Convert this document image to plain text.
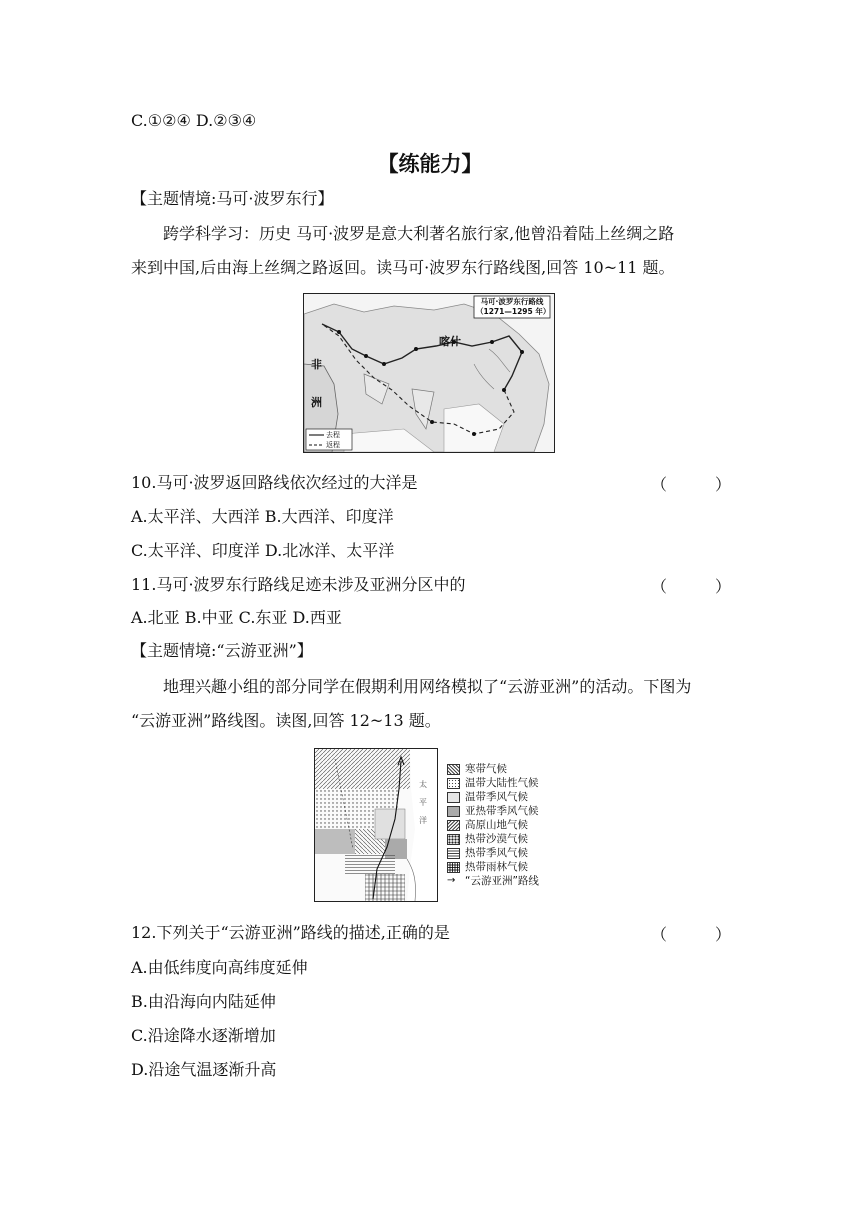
C.①②④ D.②③④
【练能力】
【主题情境:马可·波罗东行】
跨学科学习：历史 马可·波罗是意大利著名旅行家,他曾沿着陆上丝绸之路
来到中国,后由海上丝绸之路返回。读马可·波罗东行路线图,回答 10~11 题。
马可·波罗东行路线
（1271—1295 年）
喀什
非
洲
去程
返程
10.马可·波罗返回路线依次经过的大洋是	（　　　）
A.太平洋、大西洋 B.大西洋、印度洋
C.太平洋、印度洋 D.北冰洋、太平洋
11.马可·波罗东行路线足迹未涉及亚洲分区中的	（　　　）
A.北亚 B.中亚 C.东亚 D.西亚
【主题情境:“云游亚洲”】
地理兴趣小组的部分同学在假期利用网络模拟了“云游亚洲”的活动。下图为
“云游亚洲”路线图。读图,回答 12~13 题。
太
平
洋
寒带气候
温带大陆性气候
温带季风气候
亚热带季风气候
高原山地气候
热带沙漠气候
热带季风气候
热带雨林气候
→ “云游亚洲”路线
12.下列关于“云游亚洲”路线的描述,正确的是	（　　　）
A.由低纬度向高纬度延伸
B.由沿海向内陆延伸
C.沿途降水逐渐增加
D.沿途气温逐渐升高
